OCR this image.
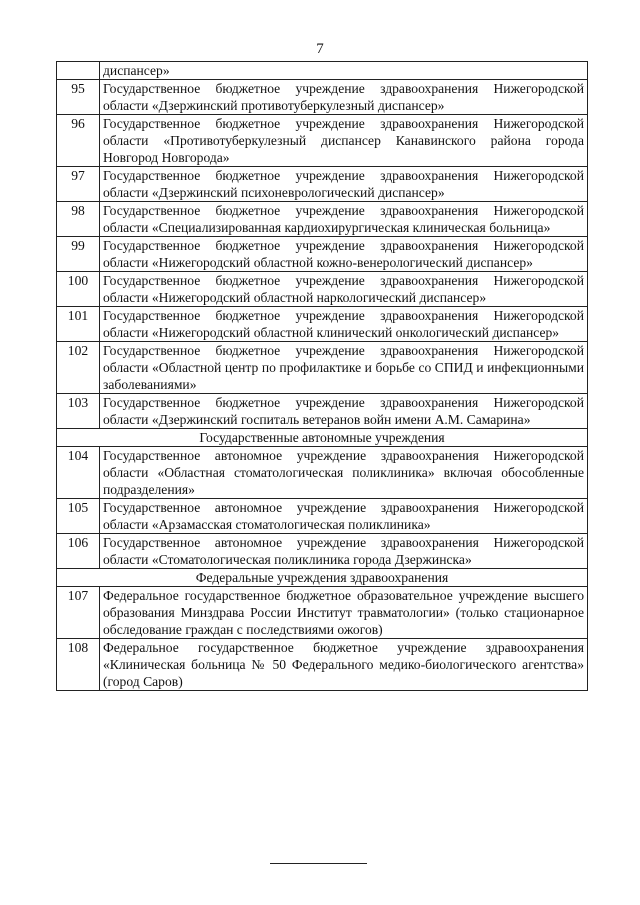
7
	диспансер»
95	Государственное бюджетное учреждение здравоохранения Нижегородской области «Дзержинский противотуберкулезный диспансер»
96	Государственное бюджетное учреждение здравоохранения Нижегородской области «Противотуберкулезный диспансер Канавинского района города Новгород Новгорода»
97	Государственное бюджетное учреждение здравоохранения Нижегородской области «Дзержинский психоневрологический диспансер»
98	Государственное бюджетное учреждение здравоохранения Нижегородской области «Специализированная кардиохирургическая клиническая больница»
99	Государственное бюджетное учреждение здравоохранения Нижегородской области «Нижегородский областной кожно-венерологический диспансер»
100	Государственное бюджетное учреждение здравоохранения Нижегородской области «Нижегородский областной наркологический диспансер»
101	Государственное бюджетное учреждение здравоохранения Нижегородской области «Нижегородский областной клинический онкологический диспансер»
102	Государственное бюджетное учреждение здравоохранения Нижегородской области «Областной центр по профилактике и борьбе со СПИД и инфекционными заболеваниями»
103	Государственное бюджетное учреждение здравоохранения Нижегородской области «Дзержинский госпиталь ветеранов войн имени А.М. Самарина»
Государственные автономные учреждения	
104	Государственное автономное учреждение здравоохранения Нижегородской области «Областная стоматологическая поликлиника» включая обособленные подразделения»
105	Государственное автономное учреждение здравоохранения Нижегородской области «Арзамасская стоматологическая поликлиника»
106	Государственное автономное учреждение здравоохранения Нижегородской области «Стоматологическая поликлиника города Дзержинска»
Федеральные учреждения здравоохранения	
107	Федеральное государственное бюджетное образовательное учреждение высшего образования Минздрава России Институт травматологии» (только стационарное обследование граждан с последствиями ожогов)
108	Федеральное государственное бюджетное учреждение здравоохранения «Клиническая больница № 50 Федерального медико-биологического агентства» (город Саров)
